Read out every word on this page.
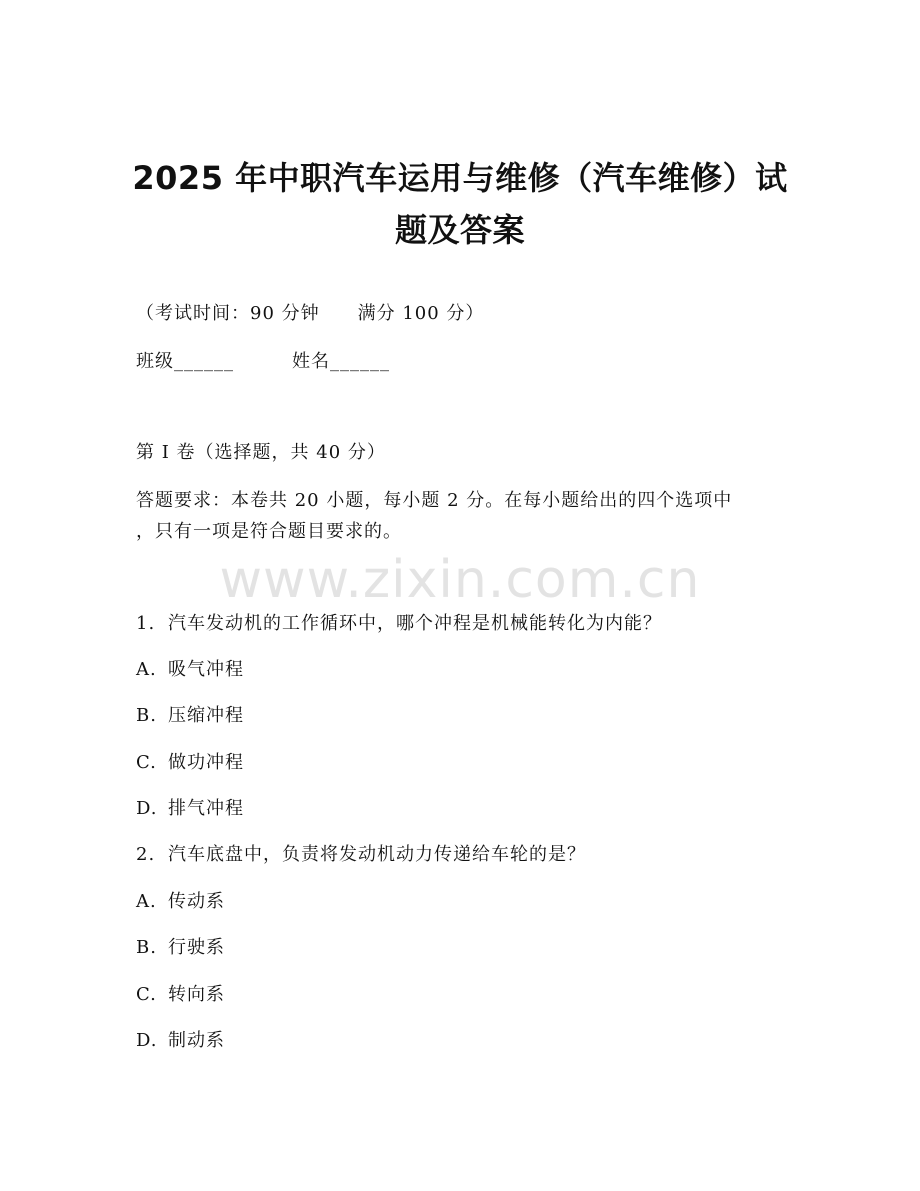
2025 年中职汽车运用与维修（汽车维修）试
题及答案
（考试时间：90 分钟　　满分 100 分）
班级______	姓名______
第 I 卷（选择题，共 40 分）
答题要求：本卷共 20 小题，每小题 2 分。在每小题给出的四个选项中
，只有一项是符合题目要求的。
www.zixin.com.cn
1. 汽车发动机的工作循环中，哪个冲程是机械能转化为内能？
A. 吸气冲程
B. 压缩冲程
C. 做功冲程
D. 排气冲程
2. 汽车底盘中，负责将发动机动力传递给车轮的是？
A. 传动系
B. 行驶系
C. 转向系
D. 制动系
